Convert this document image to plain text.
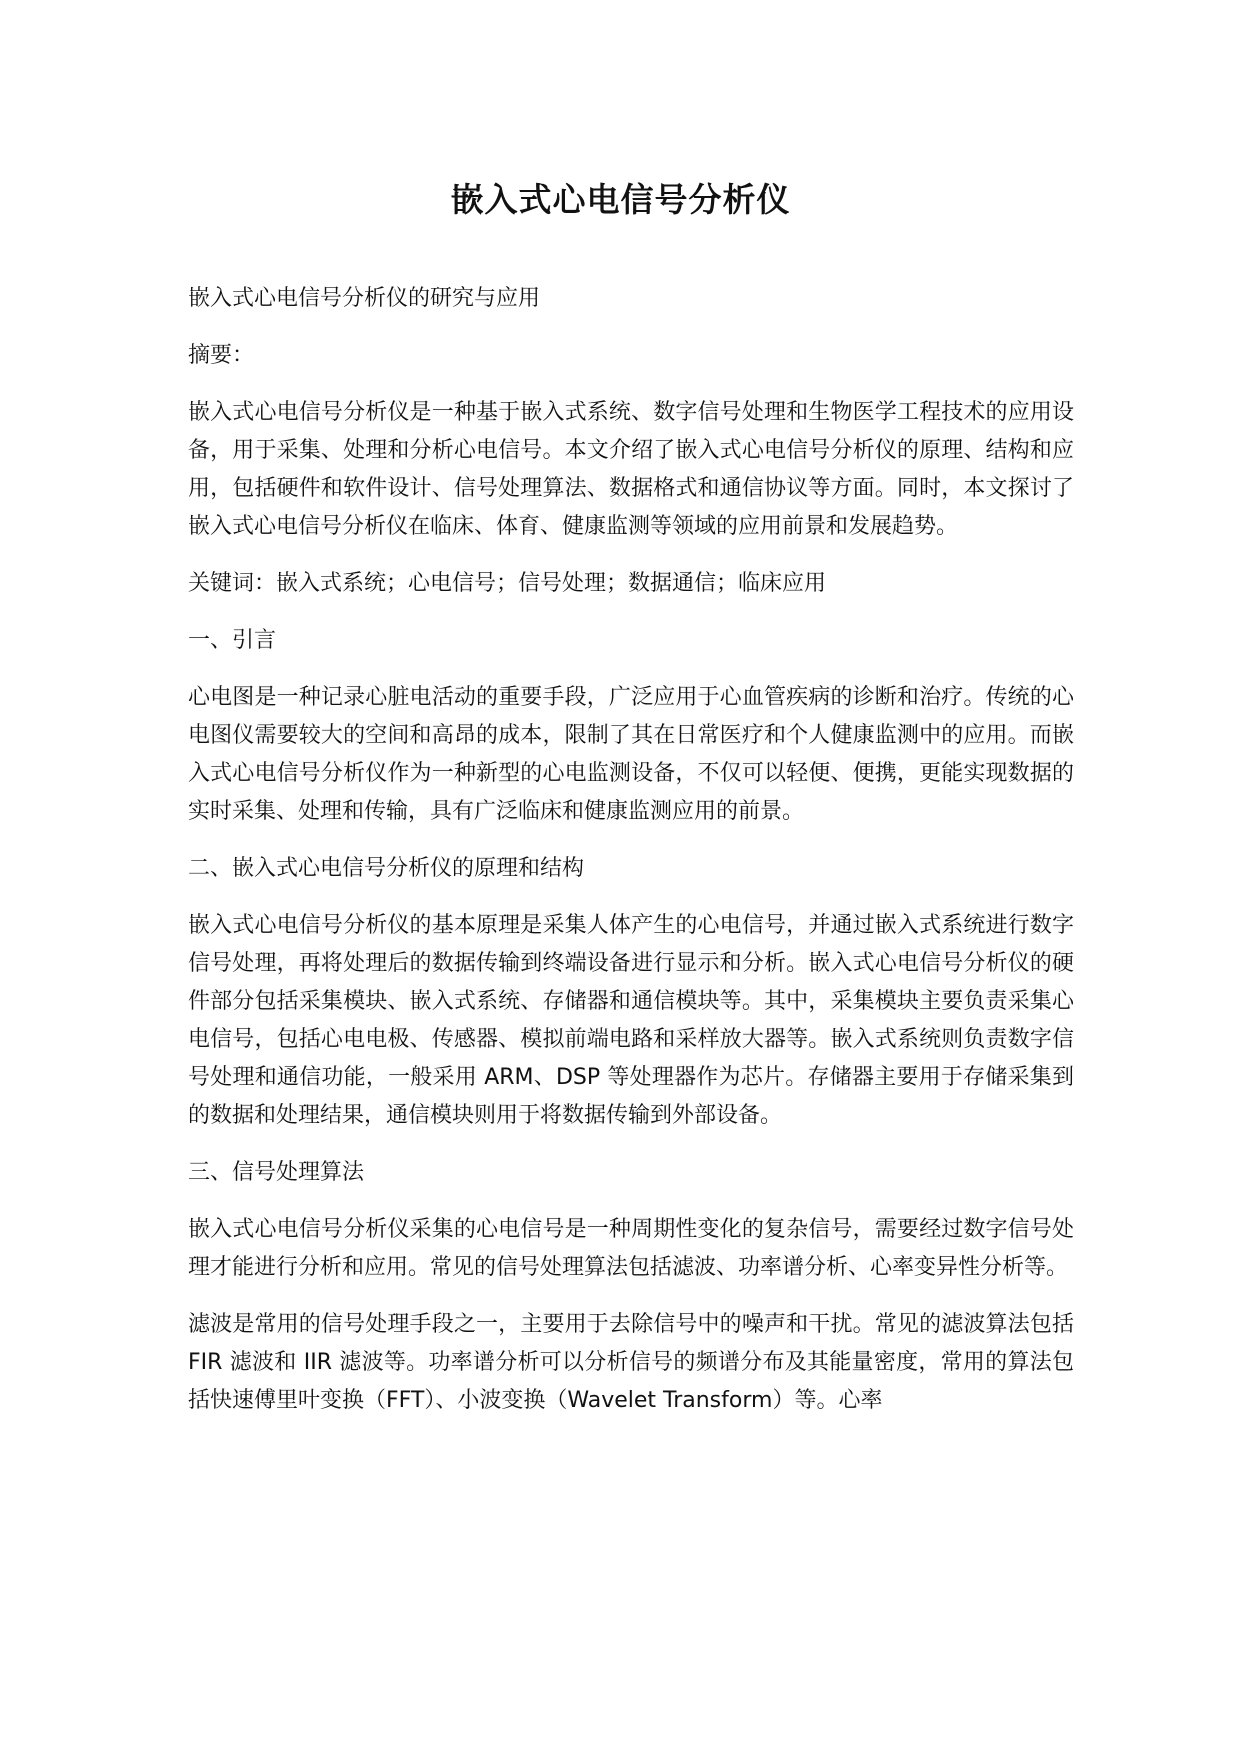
嵌入式心电信号分析仪

嵌入式心电信号分析仪的研究与应用

摘要：

嵌入式心电信号分析仪是一种基于嵌入式系统、数字信号处理和生物医学工程技术的应用设备，用于采集、处理和分析心电信号。本文介绍了嵌入式心电信号分析仪的原理、结构和应用，包括硬件和软件设计、信号处理算法、数据格式和通信协议等方面。同时，本文探讨了嵌入式心电信号分析仪在临床、体育、健康监测等领域的应用前景和发展趋势。

关键词：嵌入式系统；心电信号；信号处理；数据通信；临床应用

一、引言

心电图是一种记录心脏电活动的重要手段，广泛应用于心血管疾病的诊断和治疗。传统的心电图仪需要较大的空间和高昂的成本，限制了其在日常医疗和个人健康监测中的应用。而嵌入式心电信号分析仪作为一种新型的心电监测设备，不仅可以轻便、便携，更能实现数据的实时采集、处理和传输，具有广泛临床和健康监测应用的前景。

二、嵌入式心电信号分析仪的原理和结构

嵌入式心电信号分析仪的基本原理是采集人体产生的心电信号，并通过嵌入式系统进行数字信号处理，再将处理后的数据传输到终端设备进行显示和分析。嵌入式心电信号分析仪的硬件部分包括采集模块、嵌入式系统、存储器和通信模块等。其中，采集模块主要负责采集心电信号，包括心电电极、传感器、模拟前端电路和采样放大器等。嵌入式系统则负责数字信号处理和通信功能，一般采用 ARM、DSP 等处理器作为芯片。存储器主要用于存储采集到的数据和处理结果，通信模块则用于将数据传输到外部设备。

三、信号处理算法

嵌入式心电信号分析仪采集的心电信号是一种周期性变化的复杂信号，需要经过数字信号处理才能进行分析和应用。常见的信号处理算法包括滤波、功率谱分析、心率变异性分析等。

滤波是常用的信号处理手段之一，主要用于去除信号中的噪声和干扰。常见的滤波算法包括 FIR 滤波和 IIR 滤波等。功率谱分析可以分析信号的频谱分布及其能量密度，常用的算法包括快速傅里叶变换（FFT）、小波变换（Wavelet Transform）等。心率
